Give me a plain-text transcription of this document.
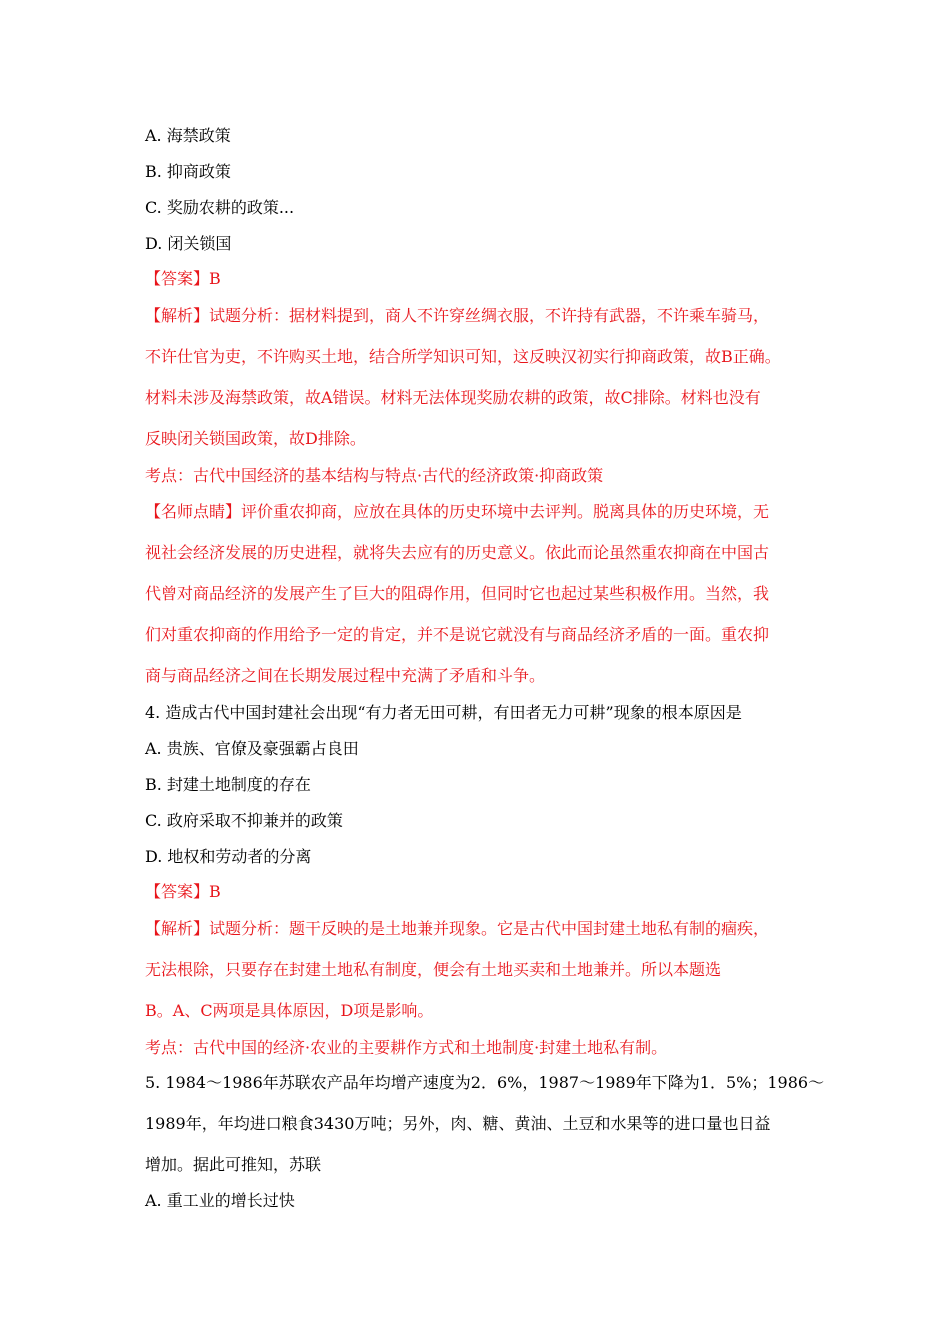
A. 海禁政策
B. 抑商政策
C. 奖励农耕的政策...
D. 闭关锁国
【答案】B
【解析】试题分析：据材料提到，商人不许穿丝绸衣服，不许持有武器，不许乘车骑马，
不许仕官为吏，不许购买土地，结合所学知识可知，这反映汉初实行抑商政策，故B正确。
材料未涉及海禁政策，故A错误。材料无法体现奖励农耕的政策，故C排除。材料也没有
反映闭关锁国政策，故D排除。
考点：古代中国经济的基本结构与特点·古代的经济政策·抑商政策
【名师点睛】评价重农抑商，应放在具体的历史环境中去评判。脱离具体的历史环境，无
视社会经济发展的历史进程，就将失去应有的历史意义。依此而论虽然重农抑商在中国古
代曾对商品经济的发展产生了巨大的阻碍作用，但同时它也起过某些积极作用。当然，我
们对重农抑商的作用给予一定的肯定，并不是说它就没有与商品经济矛盾的一面。重农抑
商与商品经济之间在长期发展过程中充满了矛盾和斗争。
4. 造成古代中国封建社会出现“有力者无田可耕，有田者无力可耕”现象的根本原因是
A. 贵族、官僚及豪强霸占良田
B. 封建土地制度的存在
C. 政府采取不抑兼并的政策
D. 地权和劳动者的分离
【答案】B
【解析】试题分析：题干反映的是土地兼并现象。它是古代中国封建土地私有制的痼疾，
无法根除，只要存在封建土地私有制度，便会有土地买卖和土地兼并。所以本题选
B。A、C两项是具体原因，D项是影响。
考点：古代中国的经济·农业的主要耕作方式和土地制度·封建土地私有制。
5. 1984～1986年苏联农产品年均增产速度为2．6%，1987～1989年下降为1．5%；1986～
1989年，年均进口粮食3430万吨；另外，肉、糖、黄油、土豆和水果等的进口量也日益
增加。据此可推知，苏联
A. 重工业的增长过快
